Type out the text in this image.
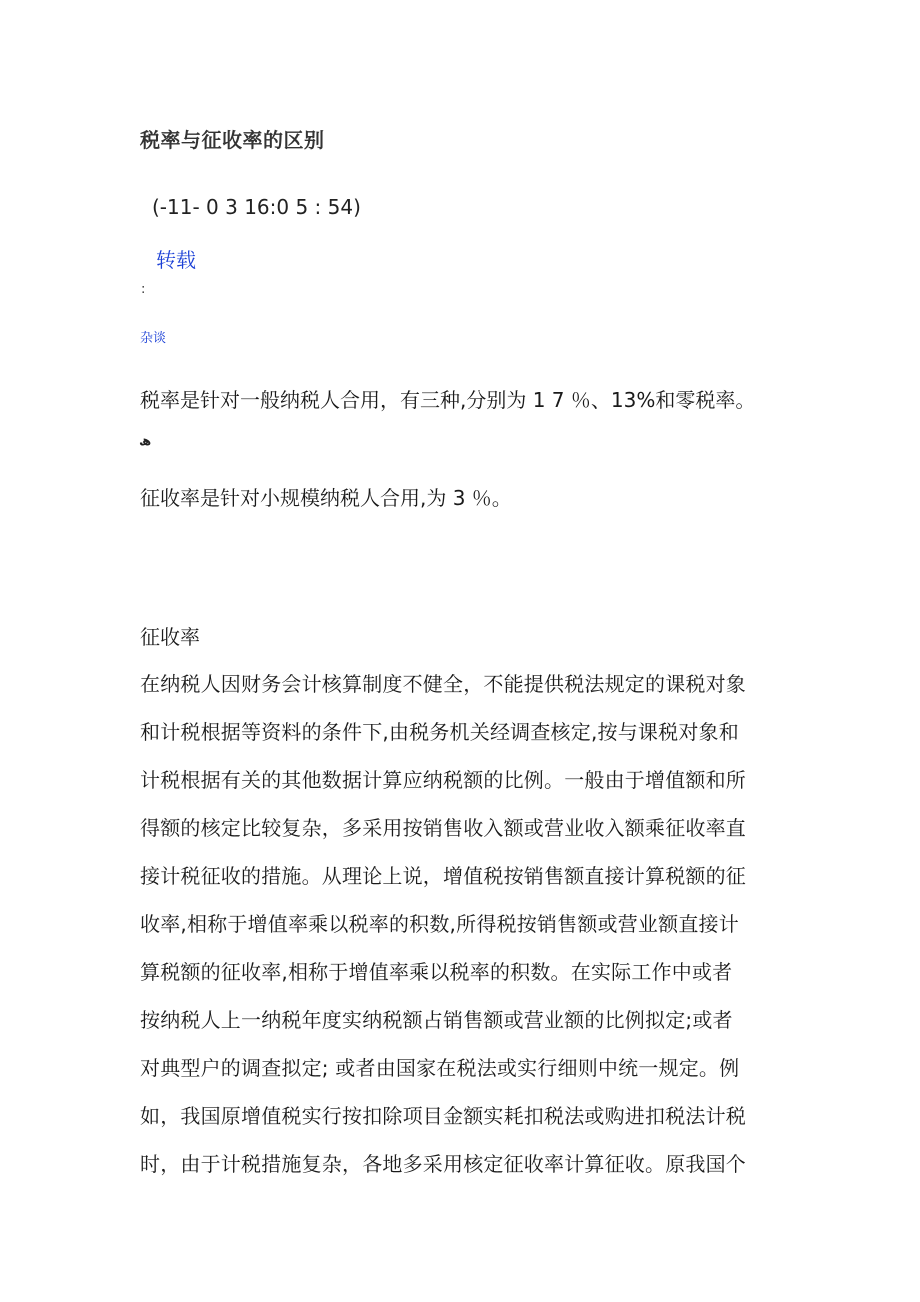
税率与征收率的区别
(-11- 0 3 16:0 5 : 54)
转载
:
杂谈
税率是针对一般纳税人合用，有三种,分别为 1 7 ％、13%和零税率。
ھ
征收率是针对小规模纳税人合用,为 3 ％。
征收率
在纳税人因财务会计核算制度不健全，不能提供税法规定的课税对象
和计税根据等资料的条件下,由税务机关经调查核定,按与课税对象和
计税根据有关的其他数据计算应纳税额的比例。一般由于增值额和所
得额的核定比较复杂，多采用按销售收入额或营业收入额乘征收率直
接计税征收的措施。从理论上说，增值税按销售额直接计算税额的征
收率,相称于增值率乘以税率的积数,所得税按销售额或营业额直接计
算税额的征收率,相称于增值率乘以税率的积数。在实际工作中或者
按纳税人上一纳税年度实纳税额占销售额或营业额的比例拟定;或者
对典型户的调查拟定; 或者由国家在税法或实行细则中统一规定。例
如，我国原增值税实行按扣除项目金额实耗扣税法或购进扣税法计税
时，由于计税措施复杂，各地多采用核定征收率计算征收。原我国个
